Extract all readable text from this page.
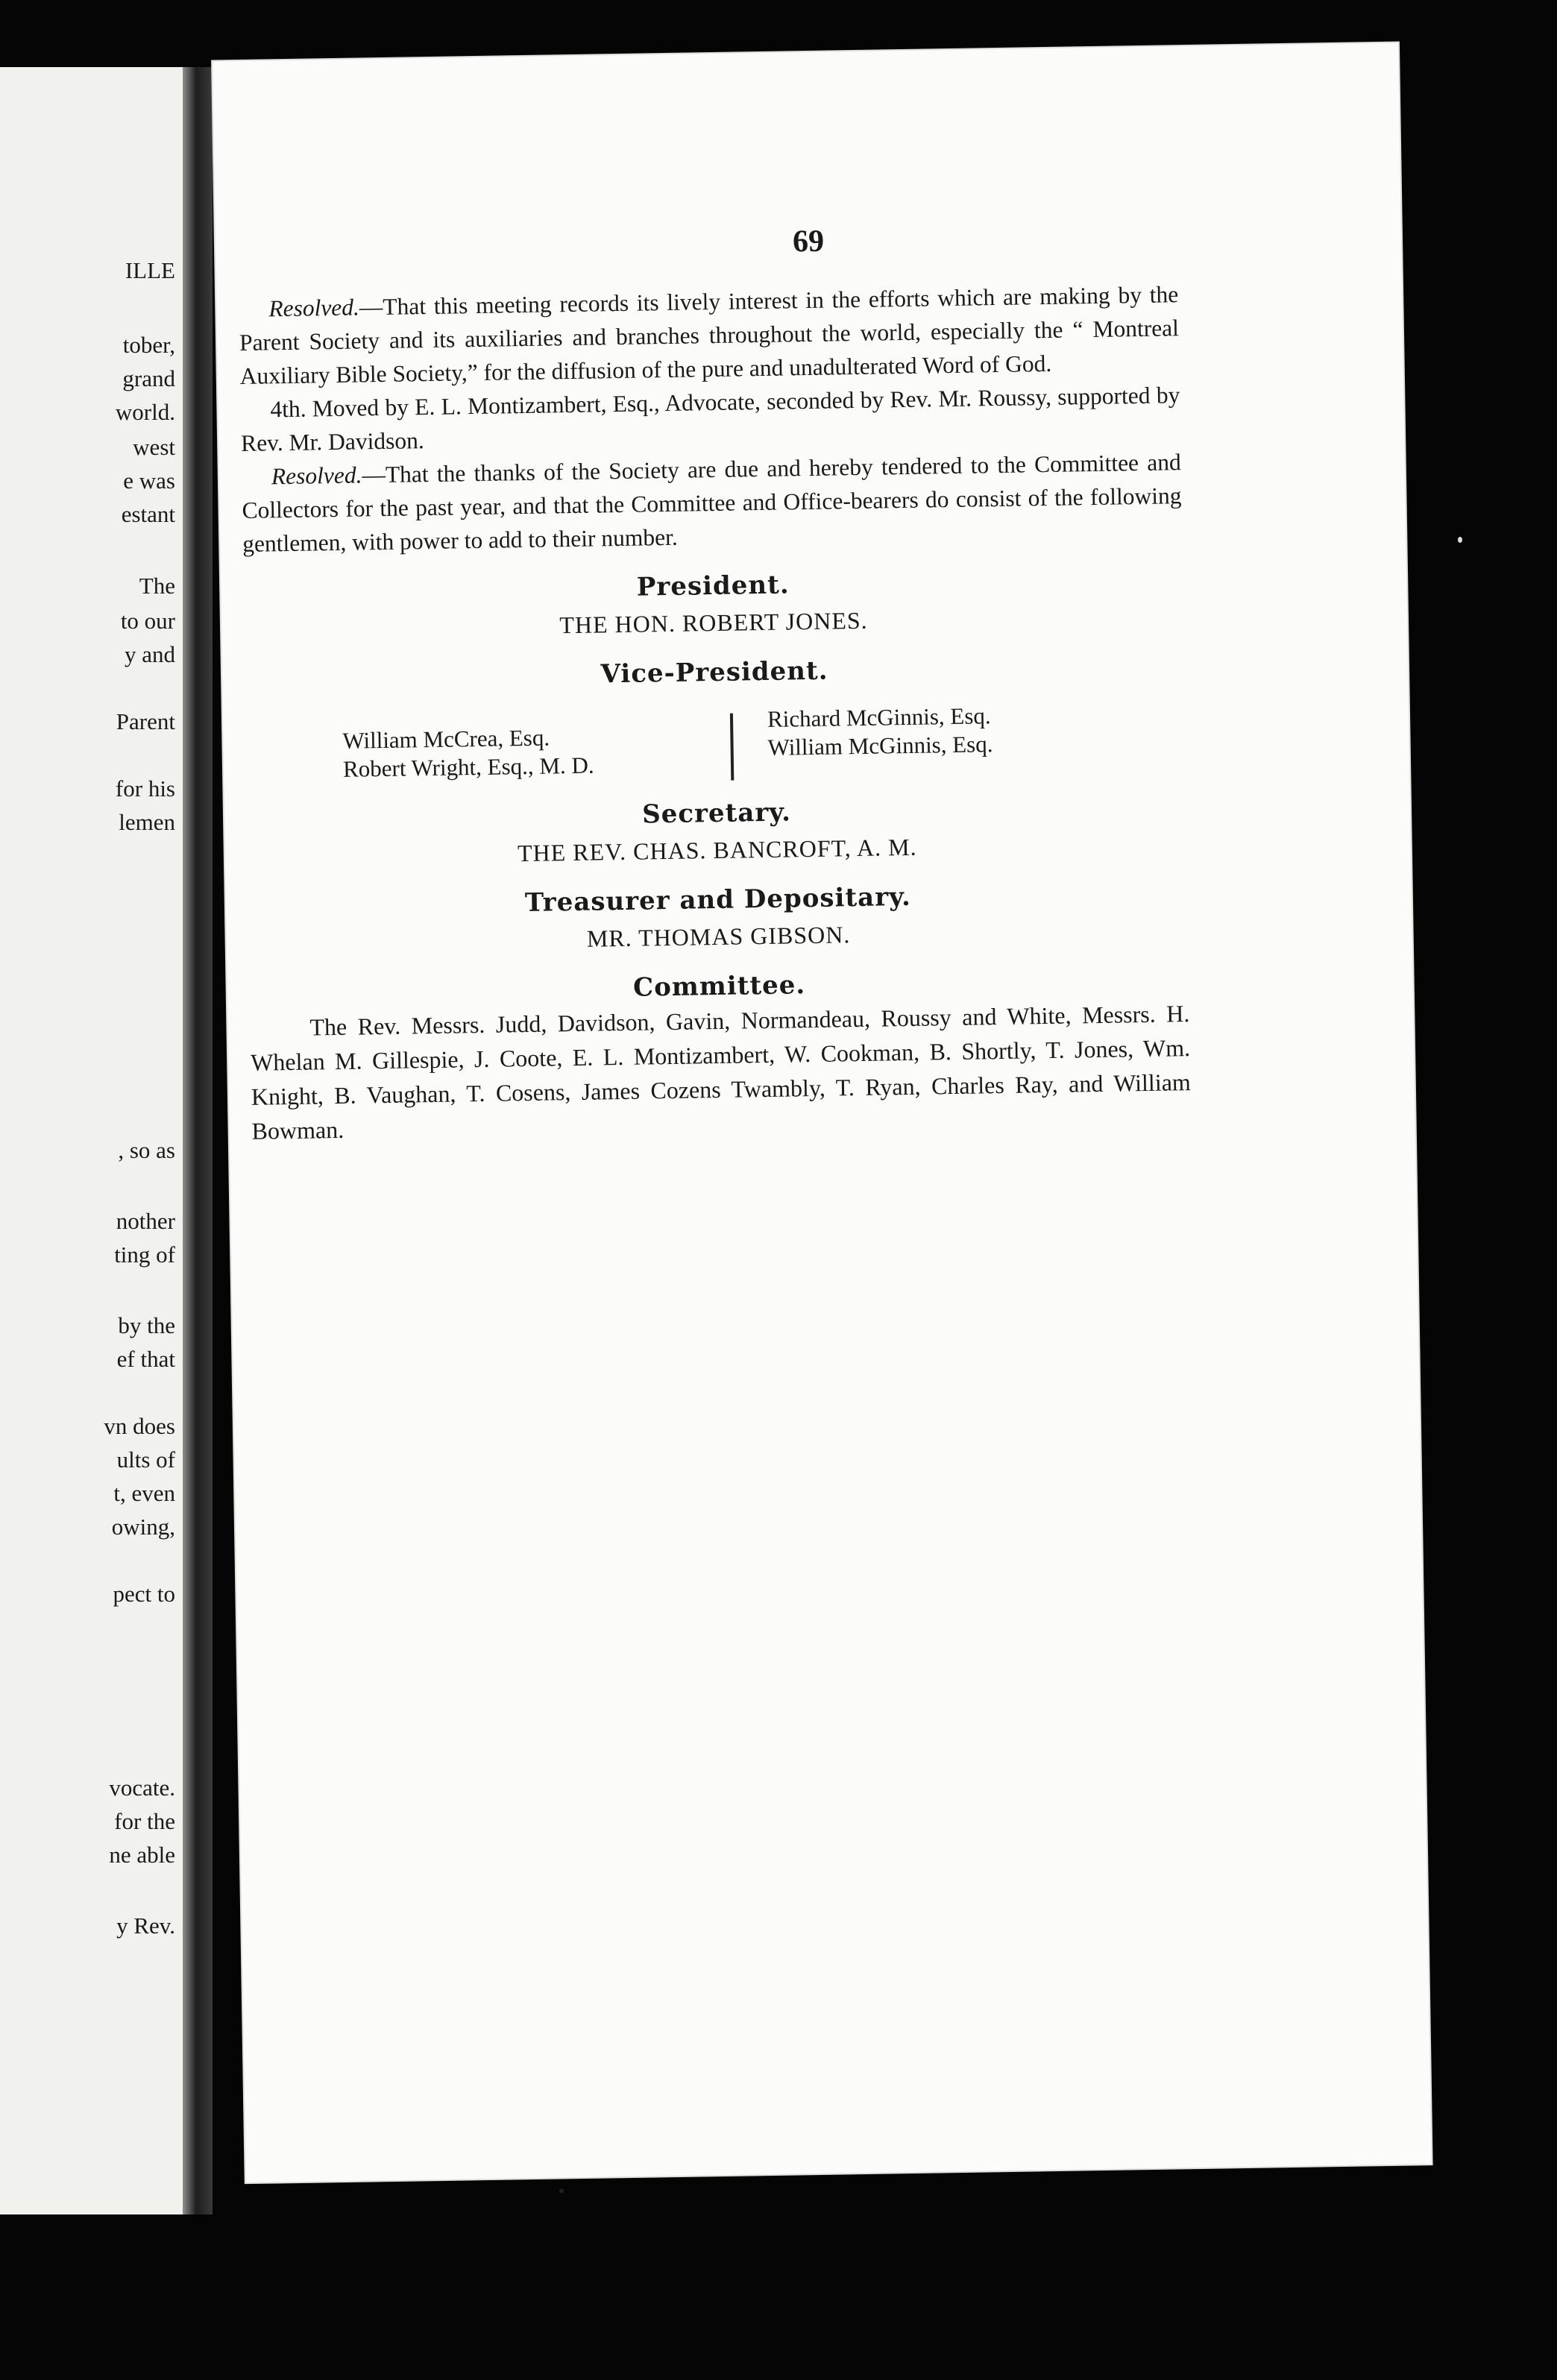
ILLE
tober,
grand
world.
west
e was
estant
The
to our
y and
Parent
for his
lemen
, so as
nother
ting of
by the
ef that
vn does
ults of
t, even
owing,
pect to
vocate.
for the
ne able
y Rev.
69

Resolved.—That this meeting records its lively interest in the efforts which are making by the Parent Society and its auxiliaries and branches throughout the world, especially the “ Montreal Auxiliary Bible Society,” for the diffusion of the pure and unadulterated Word of God.

4th. Moved by E. L. Montizambert, Esq., Advocate, seconded by Rev. Mr. Roussy, supported by Rev. Mr. Davidson.

Resolved.—That the thanks of the Society are due and hereby tendered to the Committee and Collectors for the past year, and that the Committee and Office-bearers do consist of the following gentlemen, with power to add to their number.

President.
THE HON. ROBERT JONES.
Vice-President.
William McCrea, Esq.
Robert Wright, Esq., M. D.
Richard McGinnis, Esq.
William McGinnis, Esq.
Secretary.
THE REV. CHAS. BANCROFT, A. M.
Treasurer and Depositary.
MR. THOMAS GIBSON.
Committee.

The Rev. Messrs. Judd, Davidson, Gavin, Normandeau, Roussy and White, Messrs. H. Whelan M. Gillespie, J. Coote, E. L. Montizambert, W. Cookman, B. Shortly, T. Jones, Wm. Knight, B. Vaughan, T. Cosens, James Cozens Twambly, T. Ryan, Charles Ray, and William Bowman.
